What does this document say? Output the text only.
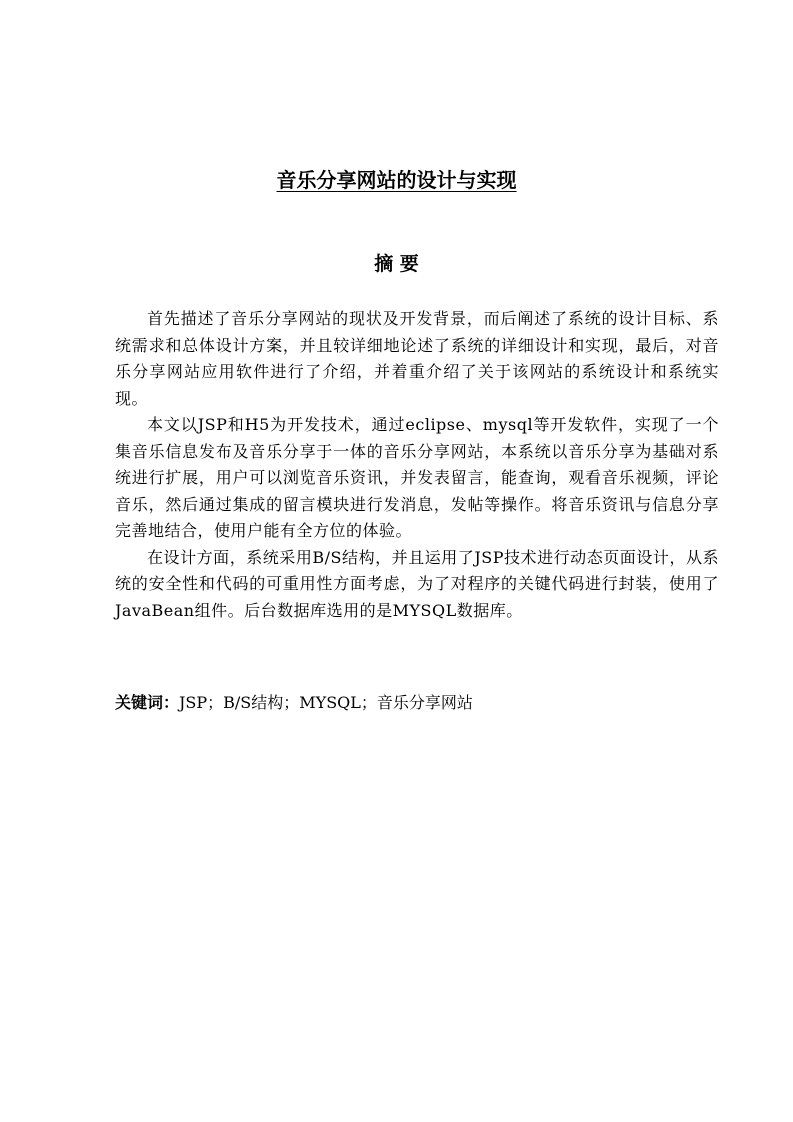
音乐分享网站的设计与实现
摘 要

首先描述了音乐分享网站的现状及开发背景，而后阐述了系统的设计目标、系统需求和总体设计方案，并且较详细地论述了系统的详细设计和实现，最后，对音乐分享网站应用软件进行了介绍，并着重介绍了关于该网站的系统设计和系统实现。

本文以JSP和H5为开发技术，通过eclipse、mysql等开发软件，实现了一个集音乐信息发布及音乐分享于一体的音乐分享网站，本系统以音乐分享为基础对系统进行扩展，用户可以浏览音乐资讯，并发表留言，能查询，观看音乐视频，评论音乐，然后通过集成的留言模块进行发消息，发帖等操作。将音乐资讯与信息分享完善地结合，使用户能有全方位的体验。

在设计方面，系统采用B/S结构，并且运用了JSP技术进行动态页面设计，从系统的安全性和代码的可重用性方面考虑，为了对程序的关键代码进行封装，使用了JavaBean组件。后台数据库选用的是MYSQL数据库。

关键词：JSP；B/S结构；MYSQL；音乐分享网站
